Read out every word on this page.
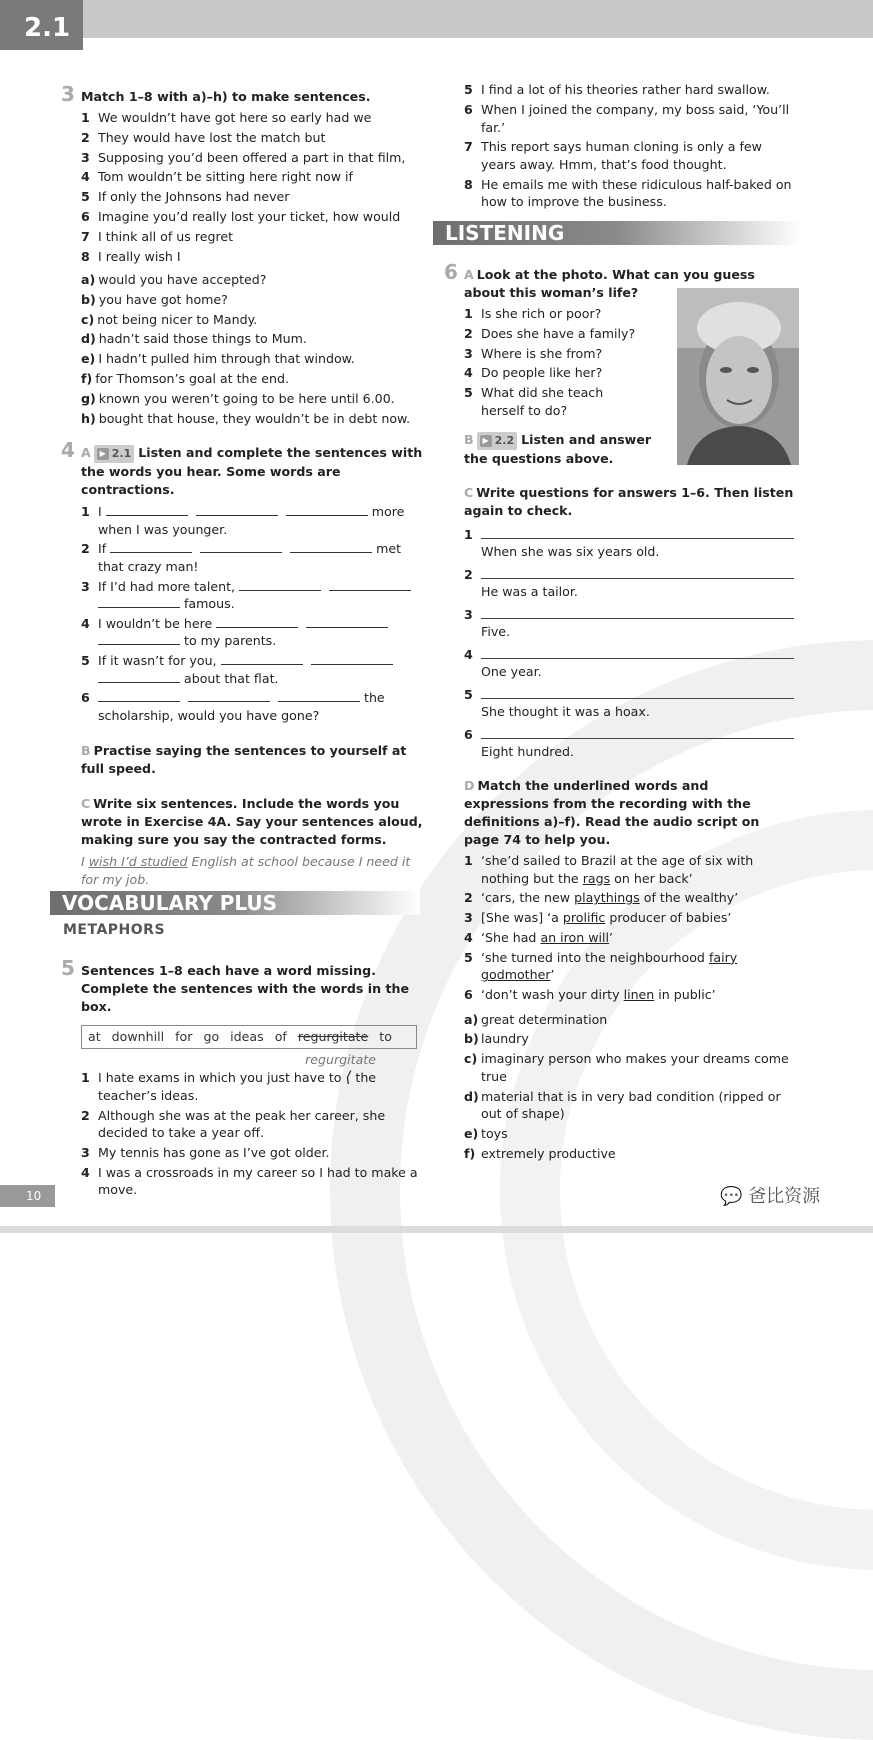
2.1
3 Match 1–8 with a)–h) to make sentences.
1 We wouldn’t have got here so early had we
2 They would have lost the match but
3 Supposing you’d been offered a part in that film,
4 Tom wouldn’t be sitting here right now if
5 If only the Johnsons had never
6 Imagine you’d really lost your ticket, how would
7 I think all of us regret
8 I really wish I
a) would you have accepted?
b) you have got home?
c) not being nicer to Mandy.
d) hadn’t said those things to Mum.
e) I hadn’t pulled him through that window.
f) for Thomson’s goal at the end.
g) known you weren’t going to be here until 6.00.
h) bought that house, they wouldn’t be in debt now.
4 A ▶ 2.1 Listen and complete the sentences with the words you hear. Some words are contractions.
1 I	more
when I was younger.
2 If	met
that crazy man!
3 If I’d had more talent,
famous.
4 I wouldn’t be here
to my parents.
5 If it wasn’t for you,
about that flat.
6	the
scholarship, would you have gone?
B Practise saying the sentences to yourself at full speed.
C Write six sentences. Include the words you wrote in Exercise 4A. Say your sentences aloud, making sure you say the contracted forms.
I wish I’d studied English at school because I need it for my job.
VOCABULARY PLUS
METAPHORS
5 Sentences 1–8 each have a word missing. Complete the sentences with the words in the box.
at downhill for go ideas of regurgitate to
regurgitate
1 I hate exams in which you just have to ⟨ the teacher’s ideas.
2 Although she was at the peak her career, she decided to take a year off.
3 My tennis has gone as I’ve got older.
4 I was a crossroads in my career so I had to make a move.
5 I find a lot of his theories rather hard swallow.
6 When I joined the company, my boss said, ‘You’ll far.’
7 This report says human cloning is only a few years away. Hmm, that’s food thought.
8 He emails me with these ridiculous half-baked on how to improve the business.
LISTENING
6 A Look at the photo. What can you guess about this woman’s life?
1 Is she rich or poor?
2 Does she have a family?
3 Where is she from?
4 Do people like her?
5 What did she teach herself to do?
B ▶ 2.2 Listen and answer the questions above.
C Write questions for answers 1–6. Then listen again to check.
1
When she was six years old.
2
He was a tailor.
3
Five.
4
One year.
5
She thought it was a hoax.
6
Eight hundred.
D Match the underlined words and expressions from the recording with the definitions a)–f). Read the audio script on page 74 to help you.
1 ‘she’d sailed to Brazil at the age of six with nothing but the rags on her back’
2 ‘cars, the new playthings of the wealthy’
3 [She was] ‘a prolific producer of babies’
4 ‘She had an iron will’
5 ‘she turned into the neighbourhood fairy godmother’
6 ‘don’t wash your dirty linen in public’
a) great determination
b) laundry
c) imaginary person who makes your dreams come true
d) material that is in very bad condition (ripped or out of shape)
e) toys
f) extremely productive
10	💬 爸比资源
